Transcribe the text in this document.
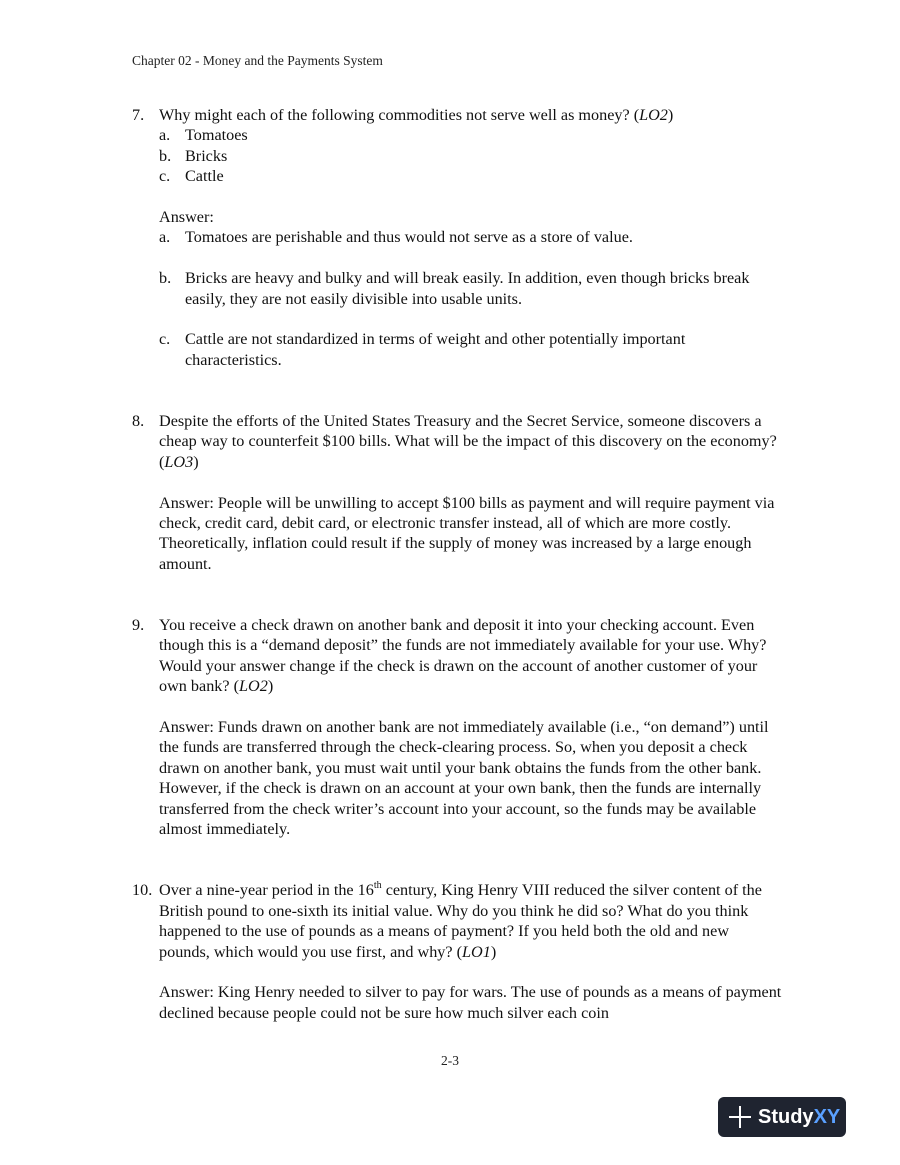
Chapter 02 - Money and the Payments System
7. Why might each of the following commodities not serve well as money? (LO2)
a. Tomatoes
b. Bricks
c. Cattle
Answer:
a. Tomatoes are perishable and thus would not serve as a store of value.
b. Bricks are heavy and bulky and will break easily. In addition, even though bricks break easily, they are not easily divisible into usable units.
c. Cattle are not standardized in terms of weight and other potentially important characteristics.
8. Despite the efforts of the United States Treasury and the Secret Service, someone discovers a cheap way to counterfeit $100 bills. What will be the impact of this discovery on the economy? (LO3)
Answer: People will be unwilling to accept $100 bills as payment and will require payment via check, credit card, debit card, or electronic transfer instead, all of which are more costly. Theoretically, inflation could result if the supply of money was increased by a large enough amount.
9. You receive a check drawn on another bank and deposit it into your checking account. Even though this is a “demand deposit” the funds are not immediately available for your use. Why? Would your answer change if the check is drawn on the account of another customer of your own bank? (LO2)
Answer: Funds drawn on another bank are not immediately available (i.e., “on demand”) until the funds are transferred through the check-clearing process. So, when you deposit a check drawn on another bank, you must wait until your bank obtains the funds from the other bank. However, if the check is drawn on an account at your own bank, then the funds are internally transferred from the check writer’s account into your account, so the funds may be available almost immediately.
10. Over a nine-year period in the 16th century, King Henry VIII reduced the silver content of the British pound to one-sixth its initial value. Why do you think he did so? What do you think happened to the use of pounds as a means of payment? If you held both the old and new pounds, which would you use first, and why? (LO1)
Answer: King Henry needed to silver to pay for wars. The use of pounds as a means of payment declined because people could not be sure how much silver each coin
2-3
StudyXY
